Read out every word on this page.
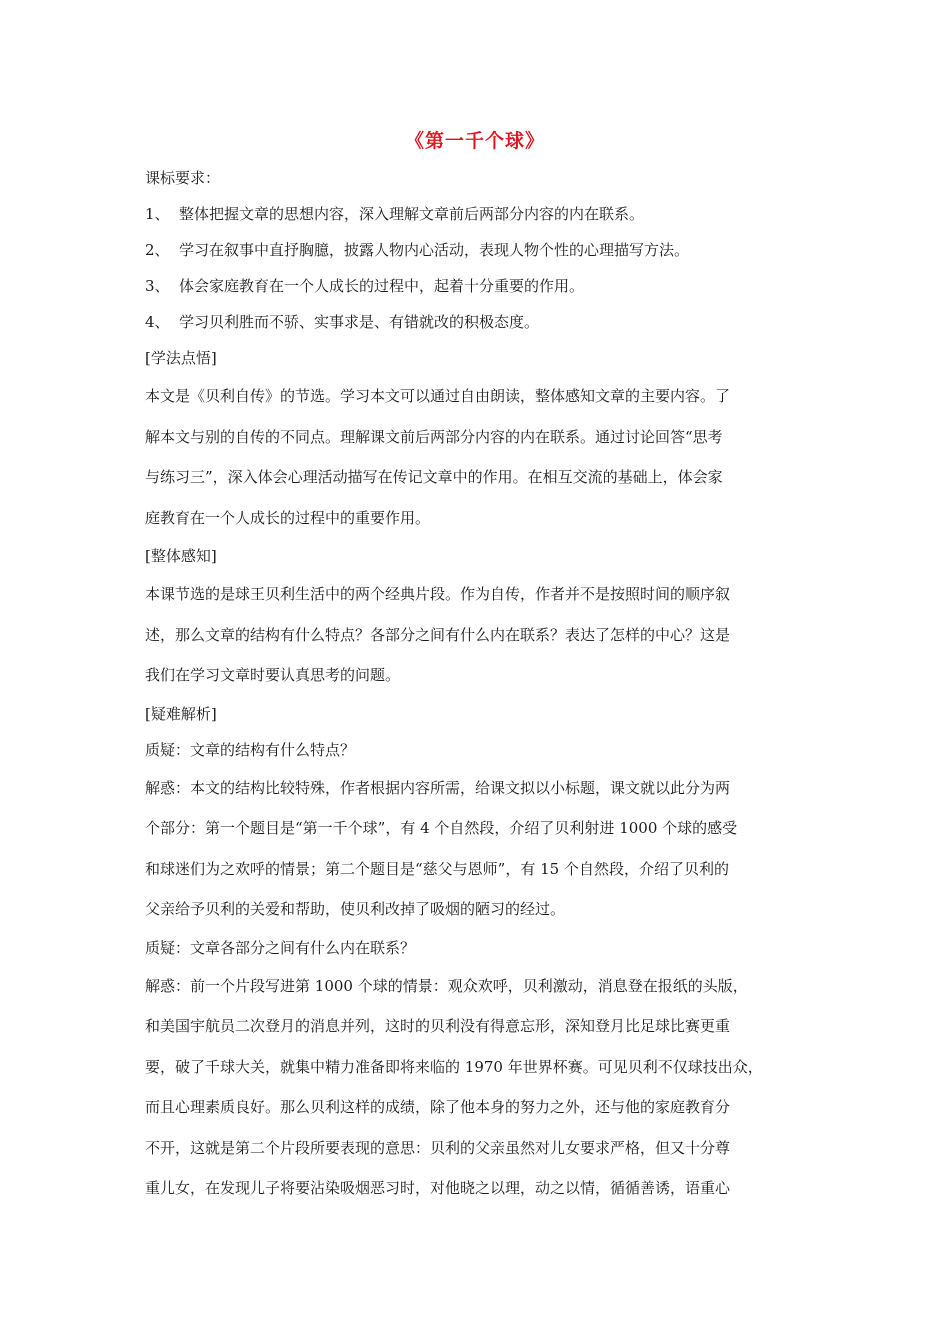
《第一千个球》

课标要求：

1、 整体把握文章的思想内容，深入理解文章前后两部分内容的内在联系。

2、 学习在叙事中直抒胸臆，披露人物内心活动，表现人物个性的心理描写方法。

3、 体会家庭教育在一个人成长的过程中，起着十分重要的作用。

4、 学习贝利胜而不骄、实事求是、有错就改的积极态度。

[学法点悟]

本文是《贝利自传》的节选。学习本文可以通过自由朗读，整体感知文章的主要内容。了

解本文与别的自传的不同点。理解课文前后两部分内容的内在联系。通过讨论回答“思考

与练习三”，深入体会心理活动描写在传记文章中的作用。在相互交流的基础上，体会家

庭教育在一个人成长的过程中的重要作用。

[整体感知]

本课节选的是球王贝利生活中的两个经典片段。作为自传，作者并不是按照时间的顺序叙

述，那么文章的结构有什么特点？各部分之间有什么内在联系？表达了怎样的中心？这是

我们在学习文章时要认真思考的问题。

[疑难解析]

质疑：文章的结构有什么特点？

解惑：本文的结构比较特殊，作者根据内容所需，给课文拟以小标题，课文就以此分为两

个部分：第一个题目是“第一千个球”，有 4 个自然段，介绍了贝利射进 1000 个球的感受

和球迷们为之欢呼的情景；第二个题目是“慈父与恩师”，有 15 个自然段，介绍了贝利的

父亲给予贝利的关爱和帮助，使贝利改掉了吸烟的陋习的经过。

质疑：文章各部分之间有什么内在联系？

解惑：前一个片段写进第 1000 个球的情景：观众欢呼，贝利激动，消息登在报纸的头版，

和美国宇航员二次登月的消息并列，这时的贝利没有得意忘形，深知登月比足球比赛更重

要，破了千球大关，就集中精力准备即将来临的 1970 年世界杯赛。可见贝利不仅球技出众，

而且心理素质良好。那么贝利这样的成绩，除了他本身的努力之外，还与他的家庭教育分

不开，这就是第二个片段所要表现的意思：贝利的父亲虽然对儿女要求严格，但又十分尊

重儿女，在发现儿子将要沾染吸烟恶习时，对他晓之以理，动之以情，循循善诱，语重心
